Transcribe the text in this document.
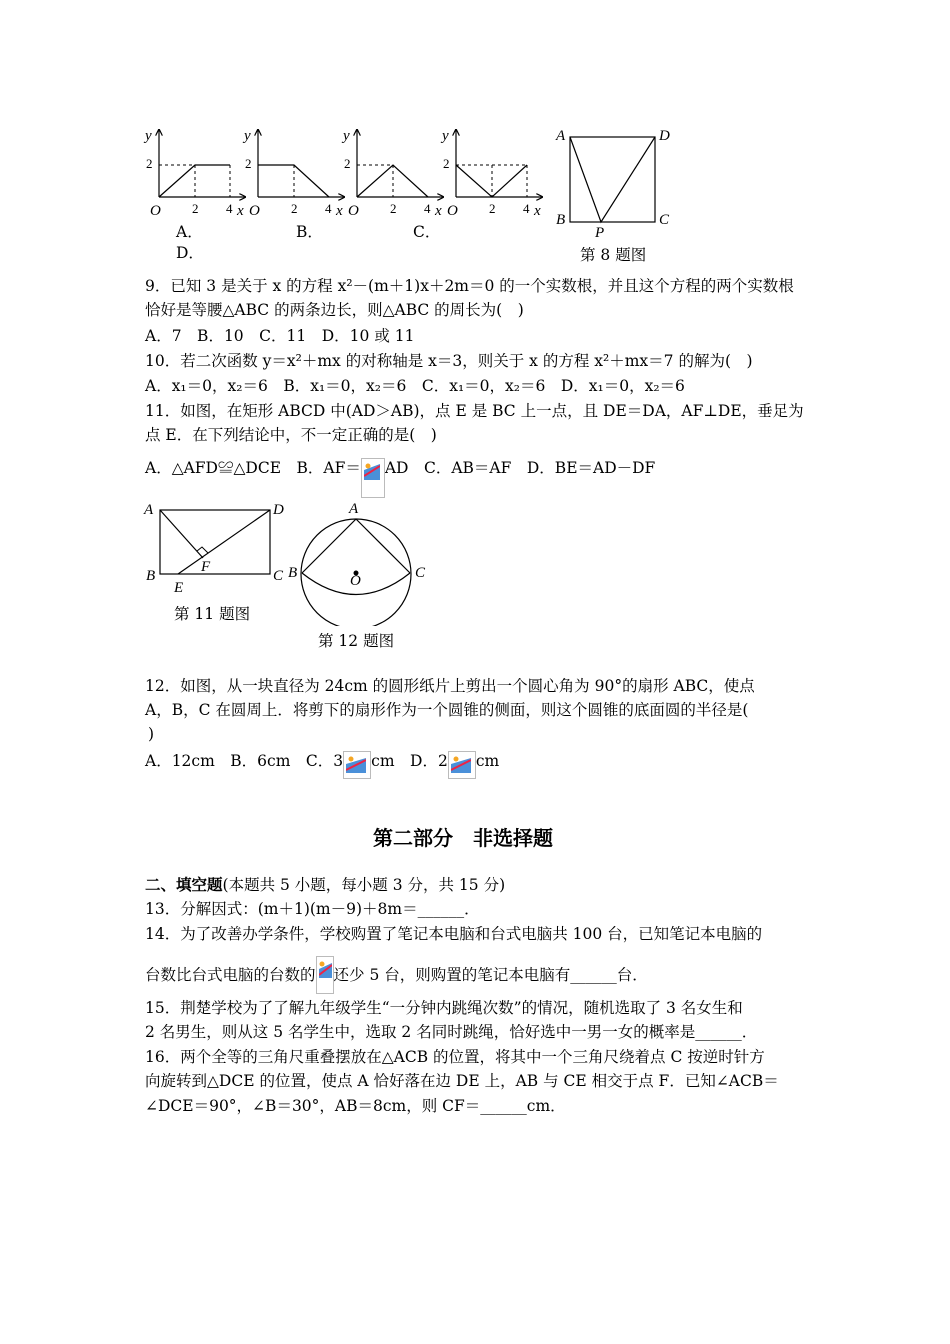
y
2
O 2 4 x
y
2
O 2 4 x
y
2
O 2 4 x
y
2
O 2 4 x
A．	B．	C．
D．
A	D
B	C
P
第 8 题图
9．已知 3 是关于 x 的方程 x²－(m＋1)x＋2m＝0 的一个实数根，并且这个方程的两个实数根
恰好是等腰△ABC 的两条边长，则△ABC 的周长为(　)
A．7　B．10　C．11　D．10 或 11
10．若二次函数 y＝x²＋mx 的对称轴是 x＝3，则关于 x 的方程 x²＋mx＝7 的解为(　)
A．x₁＝0，x₂＝6　B．x₁＝0，x₂＝6　C．x₁＝0，x₂＝6　D．x₁＝0，x₂＝6
11．如图，在矩形 ABCD 中(AD＞AB)，点 E 是 BC 上一点，且 DE＝DA，AF⊥DE，垂足为
点 E．在下列结论中，不一定正确的是(　)
A．△AFD≌△DCE　B．AF＝ AD　C．AB＝AF　D．BE＝AD－DF
A	D
B	C
E
F
第 11 题图
A
B	C
O
第 12 题图
12．如图，从一块直径为 24cm 的圆形纸片上剪出一个圆心角为 90°的扇形 ABC，使点
A，B，C 在圆周上．将剪下的扇形作为一个圆锥的侧面，则这个圆锥的底面圆的半径是(
)
A．12cm　B．6cm　C．3 cm　D．2 cm
第二部分　非选择题
二、填空题(本题共 5 小题，每小题 3 分，共 15 分)
13．分解因式：(m＋1)(m－9)＋8m＝______．
14．为了改善办学条件，学校购置了笔记本电脑和台式电脑共 100 台，已知笔记本电脑的
台数比台式电脑的台数的 还少 5 台，则购置的笔记本电脑有______台．
15．荆楚学校为了了解九年级学生“一分钟内跳绳次数”的情况，随机选取了 3 名女生和
2 名男生，则从这 5 名学生中，选取 2 名同时跳绳，恰好选中一男一女的概率是______．
16．两个全等的三角尺重叠摆放在△ACB 的位置，将其中一个三角尺绕着点 C 按逆时针方
向旋转到△DCE 的位置，使点 A 恰好落在边 DE 上，AB 与 CE 相交于点 F．已知∠ACB＝
∠DCE＝90°，∠B＝30°，AB＝8cm，则 CF＝______cm．
